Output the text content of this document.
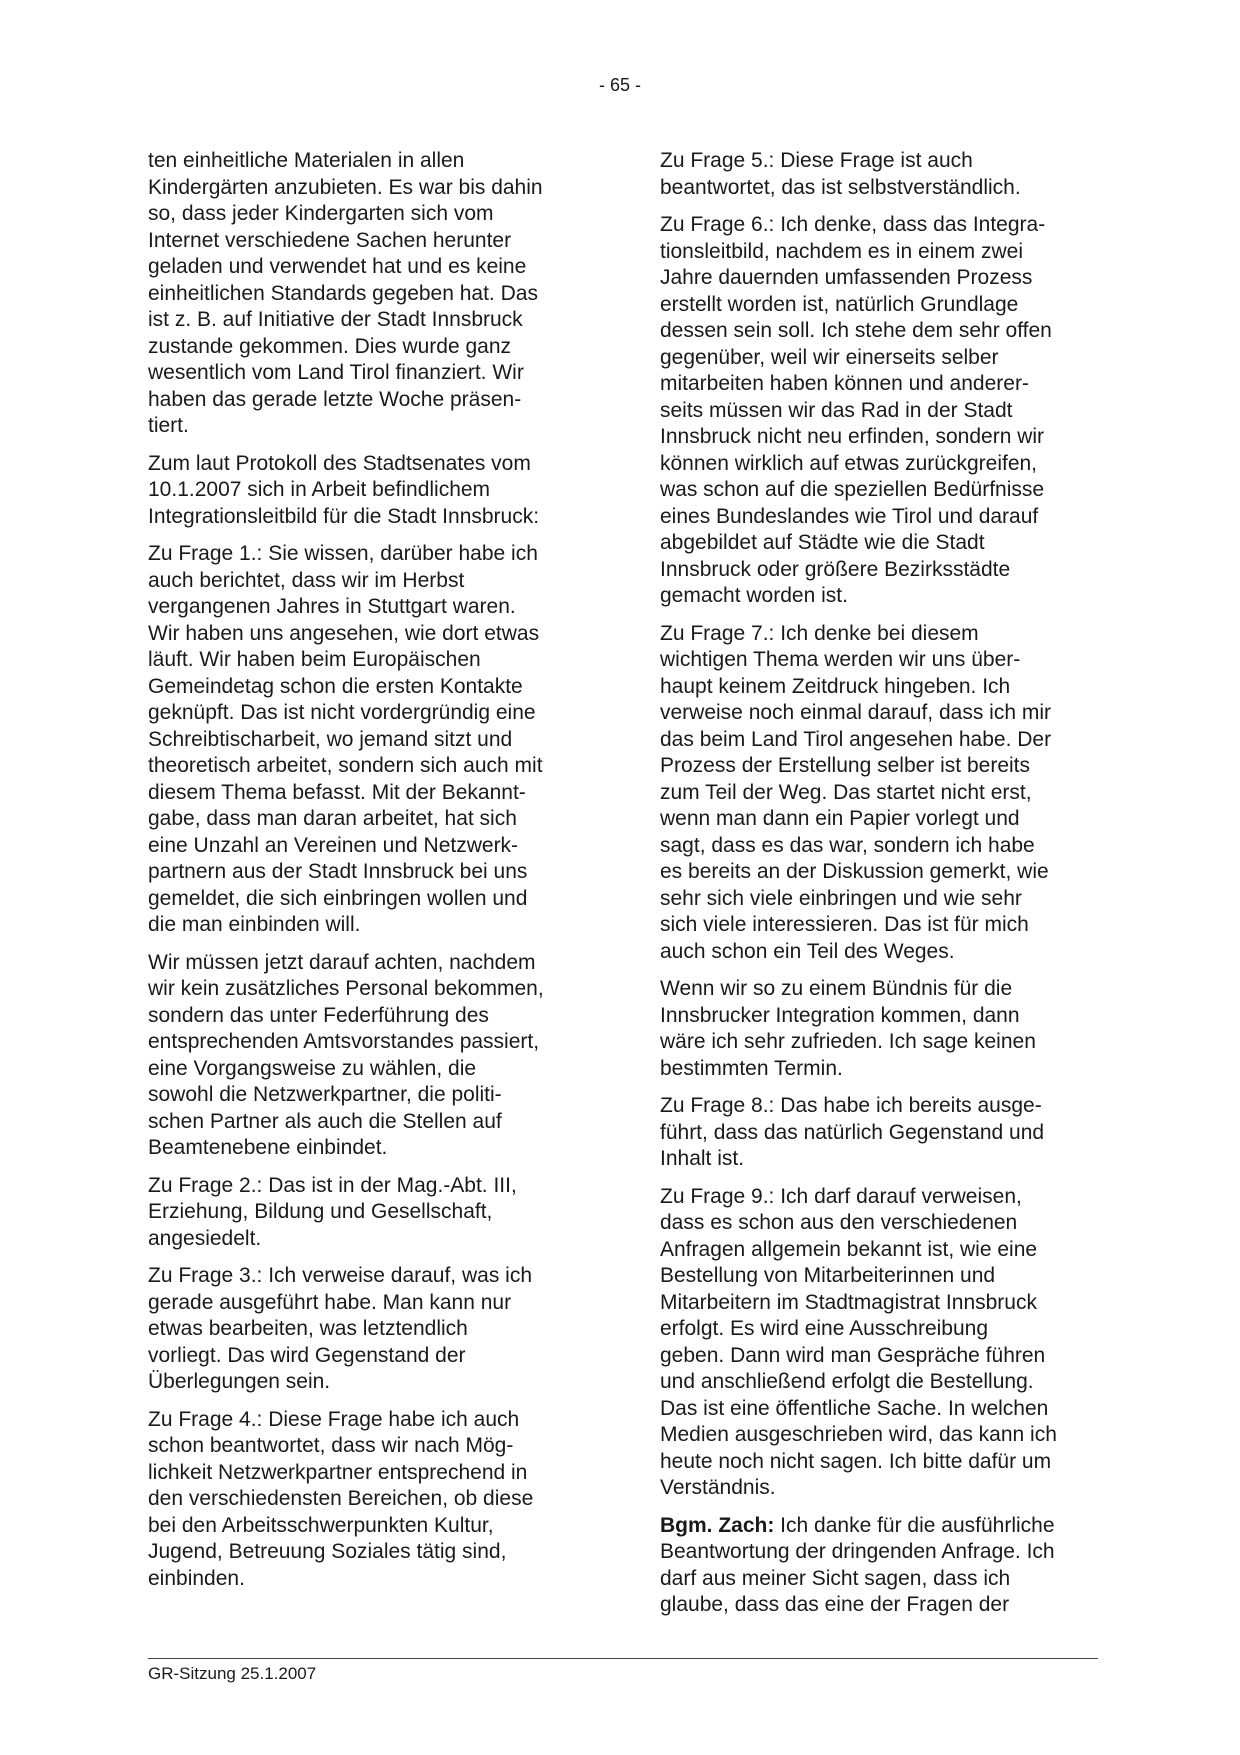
- 65 -

ten einheitliche Materialen in allen
Kindergärten anzubieten. Es war bis dahin
so, dass jeder Kindergarten sich vom
Internet verschiedene Sachen herunter
geladen und verwendet hat und es keine
einheitlichen Standards gegeben hat. Das
ist z. B. auf Initiative der Stadt Innsbruck
zustande gekommen. Dies wurde ganz
wesentlich vom Land Tirol finanziert. Wir
haben das gerade letzte Woche präsen-
tiert.

Zum laut Protokoll des Stadtsenates vom
10.1.2007 sich in Arbeit befindlichem
Integrationsleitbild für die Stadt Innsbruck:

Zu Frage 1.: Sie wissen, darüber habe ich
auch berichtet, dass wir im Herbst
vergangenen Jahres in Stuttgart waren.
Wir haben uns angesehen, wie dort etwas
läuft. Wir haben beim Europäischen
Gemeindetag schon die ersten Kontakte
geknüpft. Das ist nicht vordergründig eine
Schreibtischarbeit, wo jemand sitzt und
theoretisch arbeitet, sondern sich auch mit
diesem Thema befasst. Mit der Bekannt-
gabe, dass man daran arbeitet, hat sich
eine Unzahl an Vereinen und Netzwerk-
partnern aus der Stadt Innsbruck bei uns
gemeldet, die sich einbringen wollen und
die man einbinden will.

Wir müssen jetzt darauf achten, nachdem
wir kein zusätzliches Personal bekommen,
sondern das unter Federführung des
entsprechenden Amtsvorstandes passiert,
eine Vorgangsweise zu wählen, die
sowohl die Netzwerkpartner, die politi-
schen Partner als auch die Stellen auf
Beamtenebene einbindet.

Zu Frage 2.: Das ist in der Mag.-Abt. III,
Erziehung, Bildung und Gesellschaft,
angesiedelt.

Zu Frage 3.: Ich verweise darauf, was ich
gerade ausgeführt habe. Man kann nur
etwas bearbeiten, was letztendlich
vorliegt. Das wird Gegenstand der
Überlegungen sein.

Zu Frage 4.: Diese Frage habe ich auch
schon beantwortet, dass wir nach Mög-
lichkeit Netzwerkpartner entsprechend in
den verschiedensten Bereichen, ob diese
bei den Arbeitsschwerpunkten Kultur,
Jugend, Betreuung Soziales tätig sind,
einbinden.

Zu Frage 5.: Diese Frage ist auch
beantwortet, das ist selbstverständlich.

Zu Frage 6.: Ich denke, dass das Integra-
tionsleitbild, nachdem es in einem zwei
Jahre dauernden umfassenden Prozess
erstellt worden ist, natürlich Grundlage
dessen sein soll. Ich stehe dem sehr offen
gegenüber, weil wir einerseits selber
mitarbeiten haben können und anderer-
seits müssen wir das Rad in der Stadt
Innsbruck nicht neu erfinden, sondern wir
können wirklich auf etwas zurückgreifen,
was schon auf die speziellen Bedürfnisse
eines Bundeslandes wie Tirol und darauf
abgebildet auf Städte wie die Stadt
Innsbruck oder größere Bezirksstädte
gemacht worden ist.

Zu Frage 7.: Ich denke bei diesem
wichtigen Thema werden wir uns über-
haupt keinem Zeitdruck hingeben. Ich
verweise noch einmal darauf, dass ich mir
das beim Land Tirol angesehen habe. Der
Prozess der Erstellung selber ist bereits
zum Teil der Weg. Das startet nicht erst,
wenn man dann ein Papier vorlegt und
sagt, dass es das war, sondern ich habe
es bereits an der Diskussion gemerkt, wie
sehr sich viele einbringen und wie sehr
sich viele interessieren. Das ist für mich
auch schon ein Teil des Weges.

Wenn wir so zu einem Bündnis für die
Innsbrucker Integration kommen, dann
wäre ich sehr zufrieden. Ich sage keinen
bestimmten Termin.

Zu Frage 8.: Das habe ich bereits ausge-
führt, dass das natürlich Gegenstand und
Inhalt ist.

Zu Frage 9.: Ich darf darauf verweisen,
dass es schon aus den verschiedenen
Anfragen allgemein bekannt ist, wie eine
Bestellung von Mitarbeiterinnen und
Mitarbeitern im Stadtmagistrat Innsbruck
erfolgt. Es wird eine Ausschreibung
geben. Dann wird man Gespräche führen
und anschließend erfolgt die Bestellung.
Das ist eine öffentliche Sache. In welchen
Medien ausgeschrieben wird, das kann ich
heute noch nicht sagen. Ich bitte dafür um
Verständnis.

Bgm. Zach: Ich danke für die ausführliche
Beantwortung der dringenden Anfrage. Ich
darf aus meiner Sicht sagen, dass ich
glaube, dass das eine der Fragen der

GR-Sitzung 25.1.2007
